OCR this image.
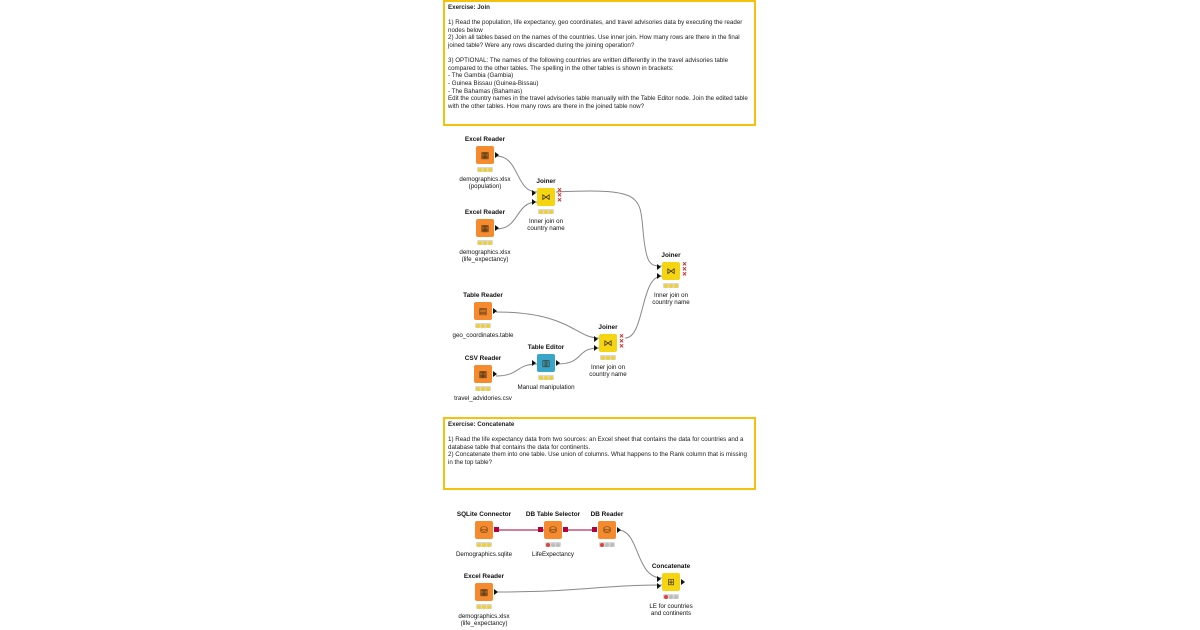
Exercise: Join
1) Read the population, life expectancy, geo coordinates, and travel advisories data by executing the reader nodes below
2) Join all tables based on the names of the countries. Use inner join. How many rows are there in the final joined table? Were any rows discarded during the joining operation?
3) OPTIONAL: The names of the following countries are written differently in the travel advisories table compared to the other tables. The spelling in the other tables is shown in brackets:
- The Gambia (Gambia)
- Guinea Bissau (Guinea-Bissau)
- The Bahamas (Bahamas)
Edit the country names in the travel advisories table manually with the Table Editor node. Join the edited table with the other tables. How many rows are there in the joined table now?
Exercise: Concatenate
1) Read the life expectancy data from two sources: an Excel sheet that contains the data for countries and a database table that contains the data for continents.
2) Concatenate them into one table. Use union of columns. What happens to the Rank column that is missing in the top table?
Excel Reader
▦
demographics.xlsx
(population)
Excel Reader
▦
demographics.xlsx
(life_expectancy)
Joiner
⋈
✕
✕
✕
Inner join on
country name
Joiner
⋈
✕
✕
✕
Inner join on
country name
Table Reader
▤
geo_coordinates.table
Joiner
⋈
✕
✕
✕
Inner join on
country name
Table Editor
▥
Manual manipulation
CSV Reader
▦
travel_advidories.csv
SQLite Connector
⛁
Demographics.sqlite
DB Table Selector
⛁
LifeExpectancy
DB Reader
⛁
Excel Reader
▦
demographics.xlsx
(life_expectancy)
Concatenate
⊞
LE for countries
and continents
